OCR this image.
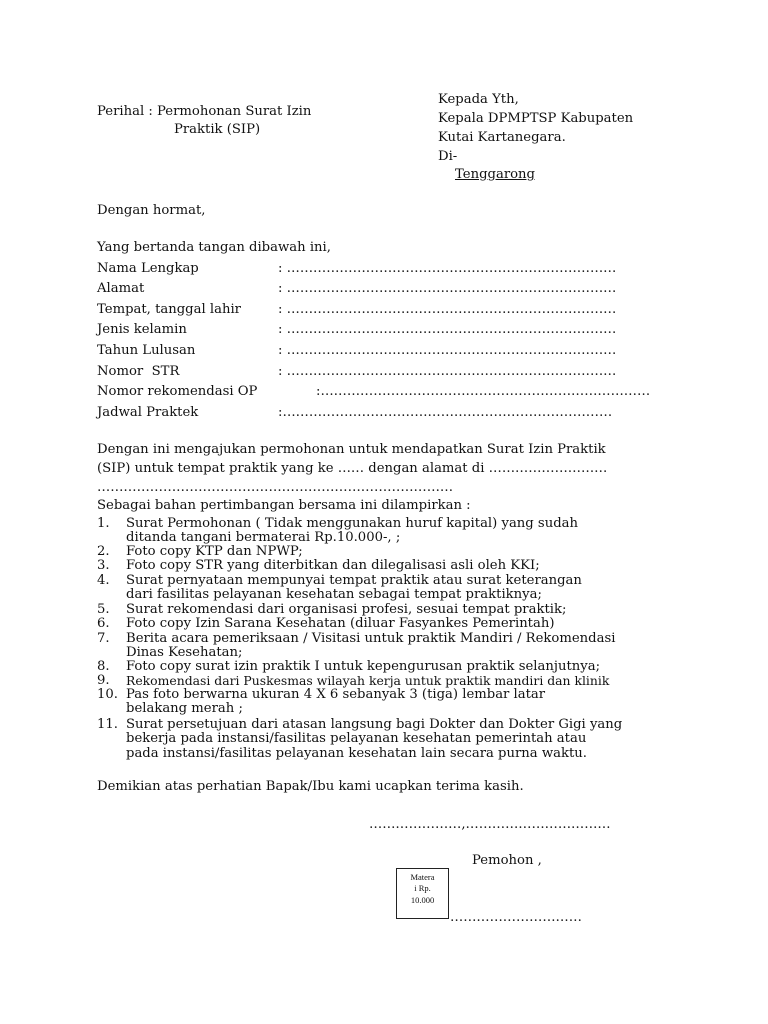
Kepada Yth,
Kepala DPMPTSP Kabupaten
Kutai Kartanegara.
Di-
Tenggarong
Perihal : Permohonan Surat Izin
Praktik (SIP)
Dengan hormat,
Yang bertanda tangan dibawah ini,
Nama Lengkap	: …………………………………………………………………
Alamat	: …………………………………………………………………
Tempat, tanggal lahir	: …………………………………………………………………
Jenis kelamin	: …………………………………………………………………
Tahun Lulusan	: …………………………………………………………………
Nomor  STR	: …………………………………………………………………
Nomor rekomendasi OP	:…………………………………………………………………
Jadwal Praktek	:…………………………………………………………………
Dengan ini mengajukan permohonan untuk mendapatkan Surat Izin Praktik
(SIP) untuk tempat praktik yang ke …… dengan alamat di ………………………
………………………………………………………………………
Sebagai bahan pertimbangan bersama ini dilampirkan :
1. Surat Permohonan ( Tidak menggunakan huruf kapital) yang sudah
ditanda tangani bermaterai Rp.10.000-, ;
2. Foto copy KTP dan NPWP;
3. Foto copy STR yang diterbitkan dan dilegalisasi asli oleh KKI;
4. Surat pernyataan mempunyai tempat praktik atau surat keterangan
dari fasilitas pelayanan kesehatan sebagai tempat praktiknya;
5. Surat rekomendasi dari organisasi profesi, sesuai tempat praktik;
6. Foto copy Izin Sarana Kesehatan (diluar Fasyankes Pemerintah)
7. Berita acara pemeriksaan / Visitasi untuk praktik Mandiri / Rekomendasi
Dinas Kesehatan;
8. Foto copy surat izin praktik I untuk kepengurusan praktik selanjutnya;
9. Rekomendasi dari Puskesmas wilayah kerja untuk praktik mandiri dan klinik
10. Pas foto berwarna ukuran 4 X 6 sebanyak 3 (tiga) lembar latar
belakang merah ;
11. Surat persetujuan dari atasan langsung bagi Dokter dan Dokter Gigi yang
bekerja pada instansi/fasilitas pelayanan kesehatan pemerintah atau
pada instansi/fasilitas pelayanan kesehatan lain secara purna waktu.
Demikian atas perhatian Bapak/Ibu kami ucapkan terima kasih.
…………………,……………………………
Pemohon ,
Matera
i Rp.
10.000
…………………………
